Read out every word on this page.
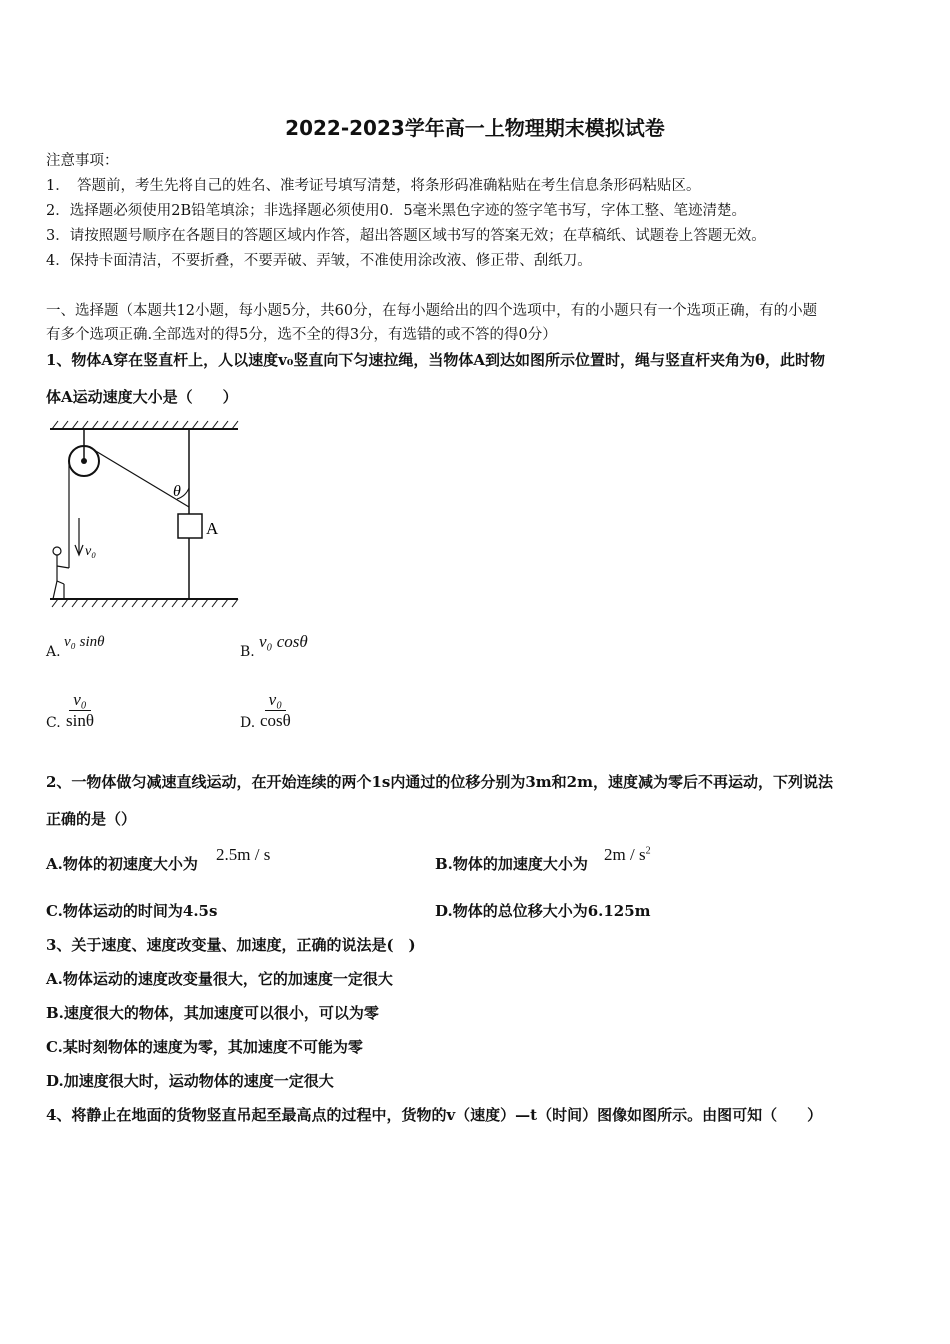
2022-2023学年高一上物理期末模拟试卷
注意事项：
1．　答题前，考生先将自己的姓名、准考证号填写清楚，将条形码准确粘贴在考生信息条形码粘贴区。
2．选择题必须使用2B铅笔填涂；非选择题必须使用0．5毫米黑色字迹的签字笔书写，字体工整、笔迹清楚。
3．请按照题号顺序在各题目的答题区域内作答，超出答题区域书写的答案无效；在草稿纸、试题卷上答题无效。
4．保持卡面清洁，不要折叠，不要弄破、弄皱，不准使用涂改液、修正带、刮纸刀。
一、选择题（本题共12小题，每小题5分，共60分，在每小题给出的四个选项中，有的小题只有一个选项正确，有的小题
有多个选项正确.全部选对的得5分，选不全的得3分，有选错的或不答的得0分）
1、物体A穿在竖直杆上，人以速度v₀竖直向下匀速拉绳，当物体A到达如图所示位置时，绳与竖直杆夹角为θ，此时物
体A运动速度大小是（　　）
θ
A
v₀
A.
v₀ sinθ
B.
v₀ cosθ
C. $\frac{\text{v₀}}{\sin\theta}$	D. $\frac{\text{v₀}}{\cos\theta}$
2、一物体做匀减速直线运动，在开始连续的两个1s内通过的位移分别为3m和2m，速度减为零后不再运动，下列说法
正确的是（）
A.物体的初速度大小为 2.5m / s	B.物体的加速度大小为 $2m / s^2$
C.物体运动的时间为4.5s	D.物体的总位移大小为6.125m
3、关于速度、速度改变量、加速度，正确的说法是(　)
A.物体运动的速度改变量很大，它的加速度一定很大
B.速度很大的物体，其加速度可以很小，可以为零
C.某时刻物体的速度为零，其加速度不可能为零
D.加速度很大时，运动物体的速度一定很大
4、将静止在地面的货物竖直吊起至最高点的过程中，货物的v（速度）—t（时间）图像如图所示。由图可知（　　）
